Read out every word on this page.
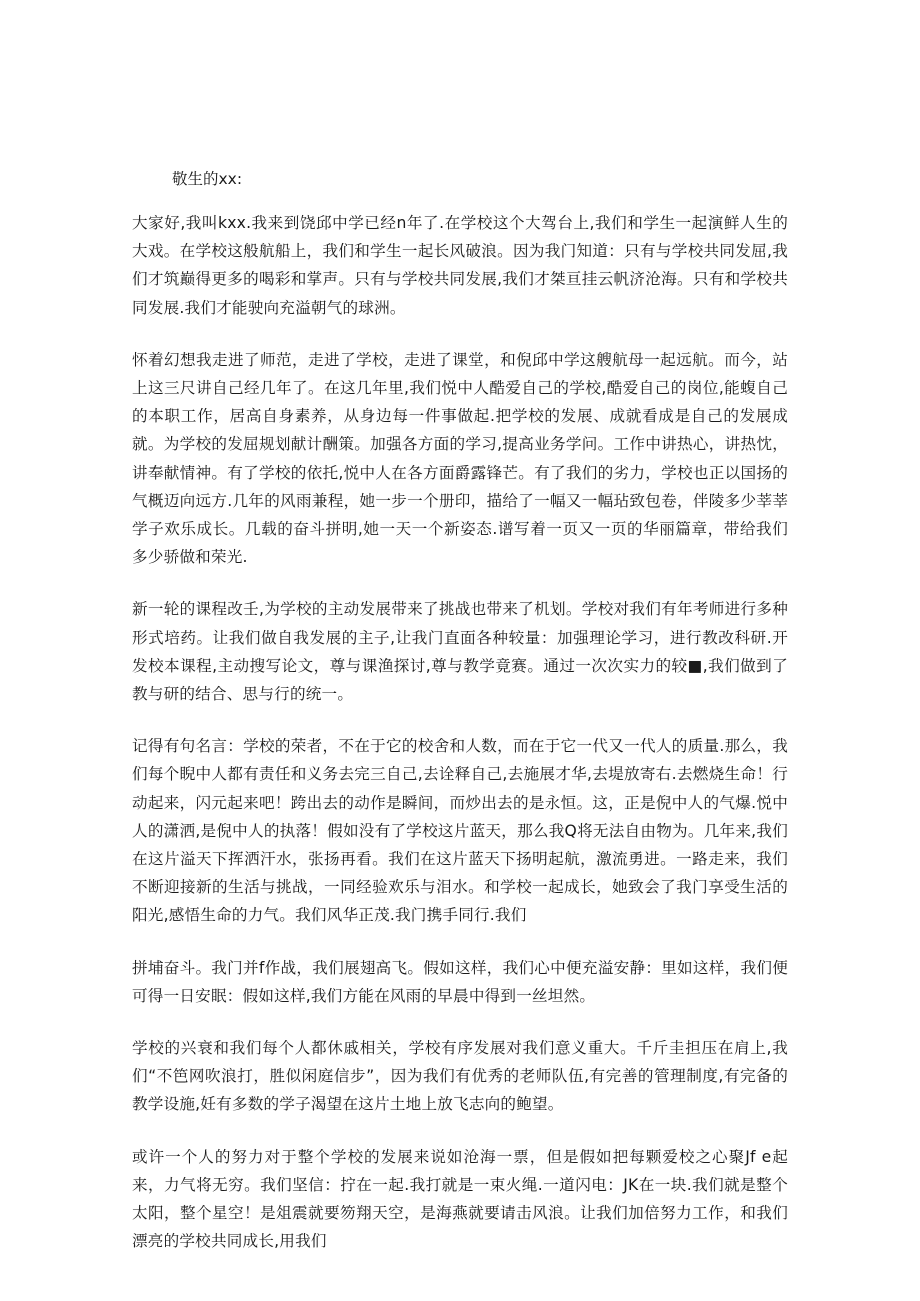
敬生的xx:

大家好,我叫kxx.我来到饶邱中学已经n年了.在学校这个大驾台上,我们和学生一起演鲜人生的大戏。在学校这般航船上，我们和学生一起长风破浪。因为我门知道：只有与学校共同发屈,我们才筑巅得更多的喝彩和掌声。只有与学校共同发展,我们才桀亘挂云帆济沧海。只有和学校共同发展.我们才能驶向充溢朝气的球洲。

怀着幻想我走进了师范，走进了学校，走进了课堂，和倪邱中学这艘航母一起远航。而今，站上这三尺讲自己经几年了。在这几年里,我们悦中人酷爱自己的学校,酷爱自己的岗位,能蝮自己的本职工作，居高自身素养，从身边每一件事做起.把学校的发展、成就看成是自己的发展成就。为学校的发屈规划献计酬策。加强各方面的学习,提高业务学问。工作中讲热心，讲热忱，讲奉献情神。有了学校的依托,悦中人在各方面爵露锋芒。有了我们的劣力，学校也正以国扬的气概迈向远方.几年的风雨兼程，她一步一个册印，描给了一幅又一幅玷致包卷，伴陵多少莘莘学子欢乐成长。几载的奋斗拼明,她一天一个新姿态.谱写着一页又一页的华丽篇章，带给我们多少骄做和荣光.

新一轮的课程改壬,为学校的主动发展带来了挑战也带来了机划。学校对我们有年考师进行多种形式培药。让我们做自我发展的主子,让我门直面各种较量：加强理论学习，进行教改科研.开发校本课程,主动搜写论文，尊与课渔探讨,尊与教学竟赛。通过一次次实力的较■,我们做到了教与研的结合、思与行的统一。

记得有句名言：学校的荣者，不在于它的校舍和人数，而在于它一代又一代人的质量.那么，我们每个睨中人都有责任和义务去完三自己,去诠释自己,去施展才华,去堤放寄右.去燃烧生命！行动起来，闪元起来吧！跨出去的动作是瞬间，而炒出去的是永恒。这，正是倪中人的气爆.悦中人的潇洒,是倪中人的执落！假如没有了学校这片蓝天，那么我Q将无法自由物为。几年来,我们在这片溢天下挥洒汗水，张扬再看。我们在这片蓝天下扬明起航，激流勇进。一路走来，我们不断迎接新的生活与挑战，一同经验欢乐与泪水。和学校一起成长，她致会了我门享受生活的阳光,感悟生命的力气。我们风华正茂.我门携手同行.我们

拼埔奋斗。我门并f作战，我们展翅高飞。假如这样，我们心中便充溢安静：里如这样，我们便可得一日安眠：假如这样,我们方能在风雨的早晨中得到一丝坦然。

学校的兴衰和我们每个人都休戚相关，学校有序发展对我们意义重大。千斤圭担压在肩上,我们“不笆网吹浪打，胜似闲庭信步”，因为我们有优秀的老师队伍,有完善的管理制度,有完备的教学设施,妊有多数的学子渴望在这片土地上放飞志向的鲍望。

或许一个人的努力对于整个学校的发展来说如沧海一票，但是假如把每颗爱校之心聚Jf e起来，力气将无穷。我们坚信：拧在一起.我打就是一束火绳.一道闪电：JK在一块.我们就是整个太阳，整个星空！是俎震就要笏翔天空，是海燕就要请击风浪。让我们加倍努力工作，和我们漂亮的学校共同成长,用我们
